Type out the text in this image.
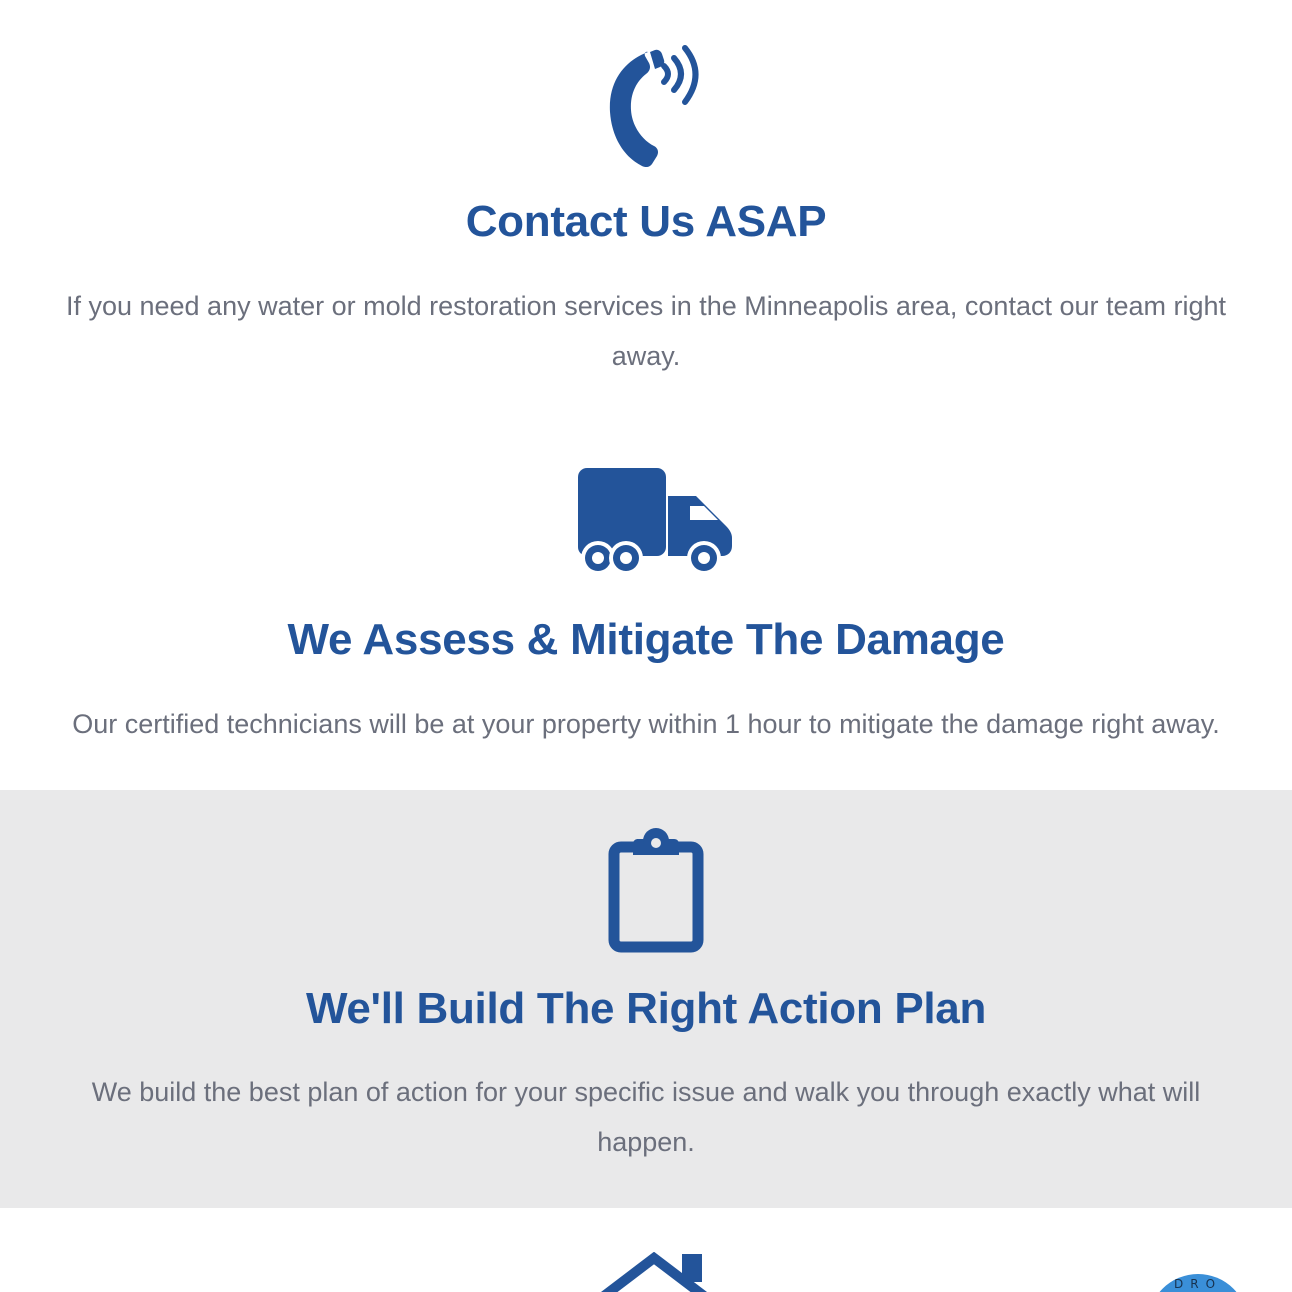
Contact Us ASAP

If you need any water or mold restoration services in the Minneapolis area, contact our team right away.

We Assess & Mitigate The Damage

Our certified technicians will be at your property within 1 hour to mitigate the damage right away.

We'll Build The Right Action Plan

We build the best plan of action for your specific issue and walk you through exactly what will happen.

DRO
